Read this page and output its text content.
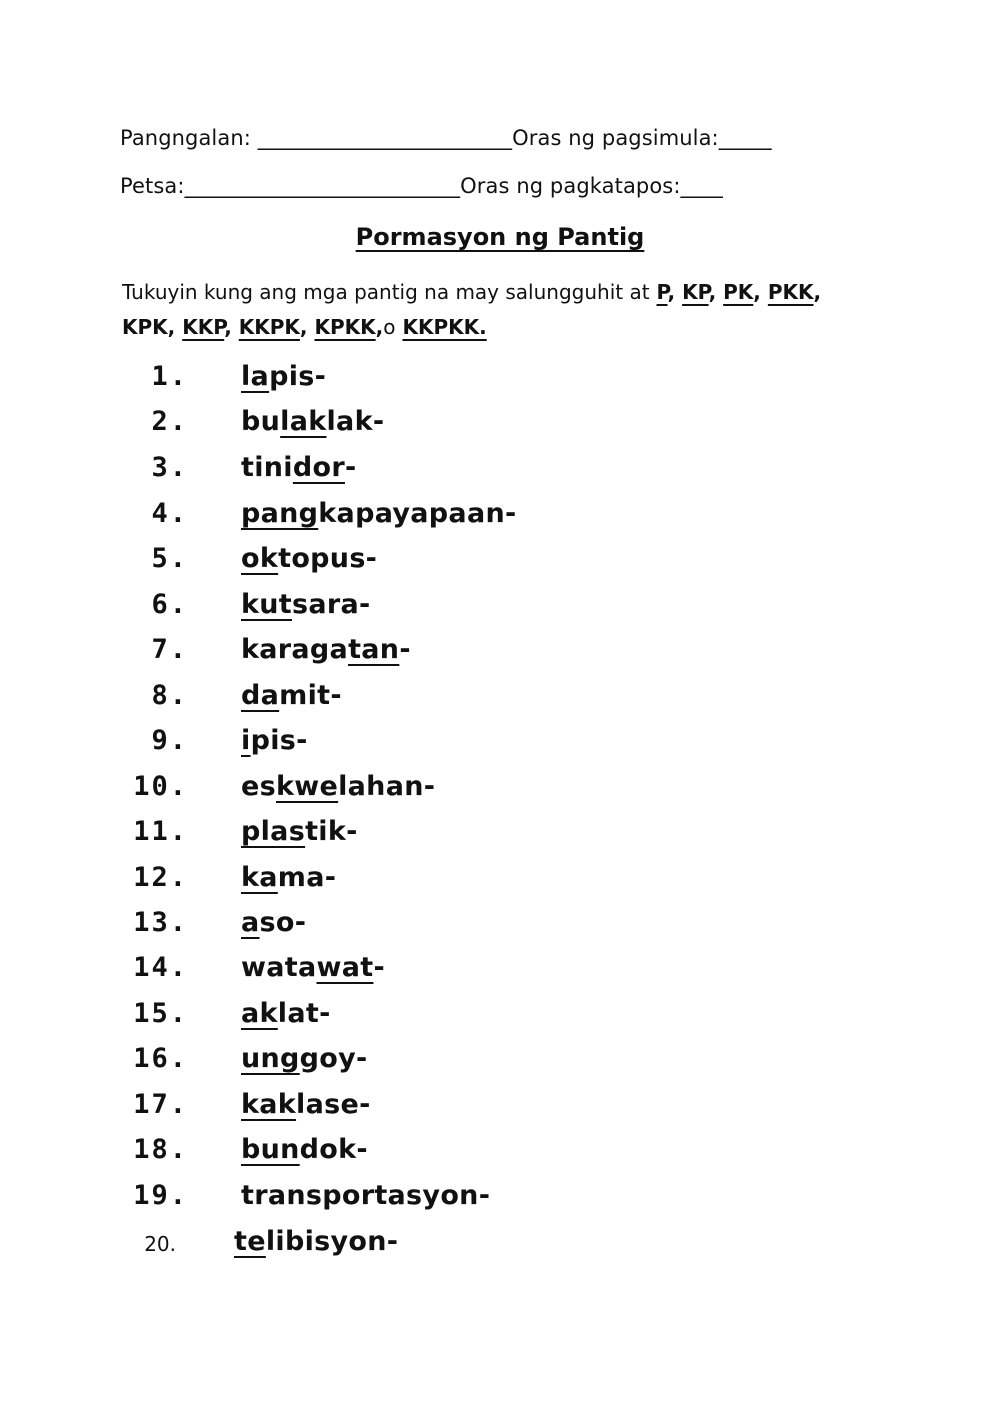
Pangngalan: ________________________Oras ng pagsimula:_____
Petsa:__________________________Oras ng pagkatapos:____
Pormasyon ng Pantig
Tukuyin kung ang mga pantig na may salungguhit at P, KP, PK, PKK,
KPK, KKP, KKPK, KPKK,o KKPKK.
1. lapis-
2. bulaklak-
3. tinidor-
4. pangkapayapaan-
5. oktopus-
6. kutsara-
7. karagatan-
8. damit-
9. ipis-
10. eskwelahan-
11. plastik-
12. kama-
13. aso-
14. watawat-
15. aklat-
16. unggoy-
17. kaklase-
18. bundok-
19. transportasyon-
20. telibisyon-
